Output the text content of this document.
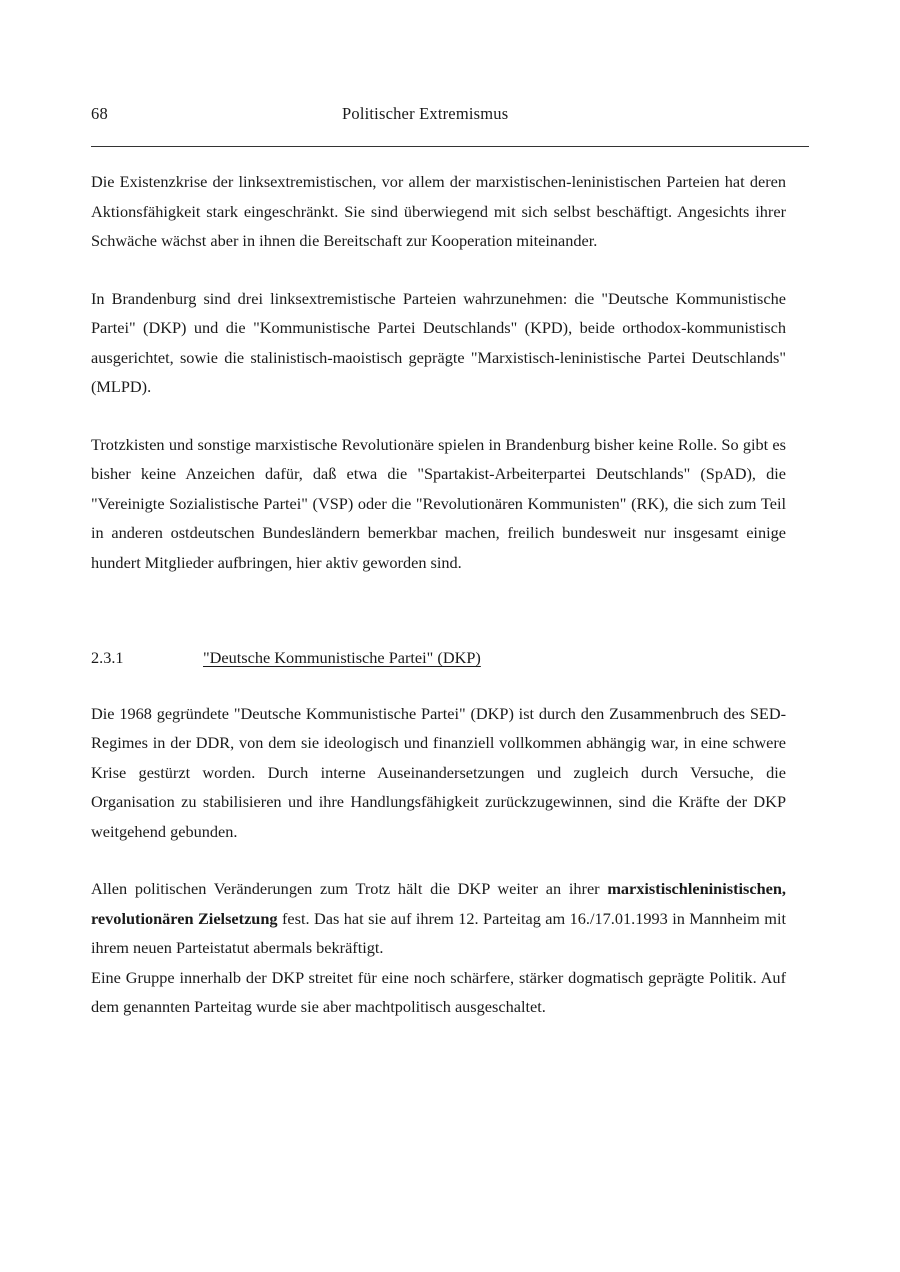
68	Politischer Extremismus

Die Existenzkrise der linksextremistischen, vor allem der marxistischen-leninistischen Parteien hat deren Aktionsfähigkeit stark eingeschränkt. Sie sind überwiegend mit sich selbst beschäftigt. Angesichts ihrer Schwäche wächst aber in ihnen die Bereitschaft zur Kooperation miteinander.

In Brandenburg sind drei linksextremistische Parteien wahrzunehmen: die "Deutsche Kommunistische Partei" (DKP) und die "Kommunistische Partei Deutschlands" (KPD), beide orthodox-kommunistisch ausgerichtet, sowie die stalinistisch-maoistisch geprägte "Marxistisch-leninistische Partei Deutschlands" (MLPD).

Trotzkisten und sonstige marxistische Revolutionäre spielen in Brandenburg bisher keine Rolle. So gibt es bisher keine Anzeichen dafür, daß etwa die "Spartakist-Arbeiterpartei Deutschlands" (SpAD), die "Vereinigte Sozialistische Partei" (VSP) oder die "Revolutionären Kommunisten" (RK), die sich zum Teil in anderen ostdeutschen Bundesländern bemerkbar machen, freilich bundesweit nur insgesamt einige hundert Mitglieder aufbringen, hier aktiv geworden sind.

2.3.1	"Deutsche Kommunistische Partei" (DKP)

Die 1968 gegründete "Deutsche Kommunistische Partei" (DKP) ist durch den Zusammenbruch des SED-Regimes in der DDR, von dem sie ideologisch und finanziell vollkommen abhängig war, in eine schwere Krise gestürzt worden. Durch interne Auseinandersetzungen und zugleich durch Versuche, die Organisation zu stabilisieren und ihre Handlungsfähigkeit zurückzugewinnen, sind die Kräfte der DKP weitgehend gebunden.

Allen politischen Veränderungen zum Trotz hält die DKP weiter an ihrer marxistischleninistischen, revolutionären Zielsetzung fest. Das hat sie auf ihrem 12. Parteitag am 16./17.01.1993 in Mannheim mit ihrem neuen Parteistatut abermals bekräftigt.

Eine Gruppe innerhalb der DKP streitet für eine noch schärfere, stärker dogmatisch geprägte Politik. Auf dem genannten Parteitag wurde sie aber machtpolitisch ausgeschaltet.
